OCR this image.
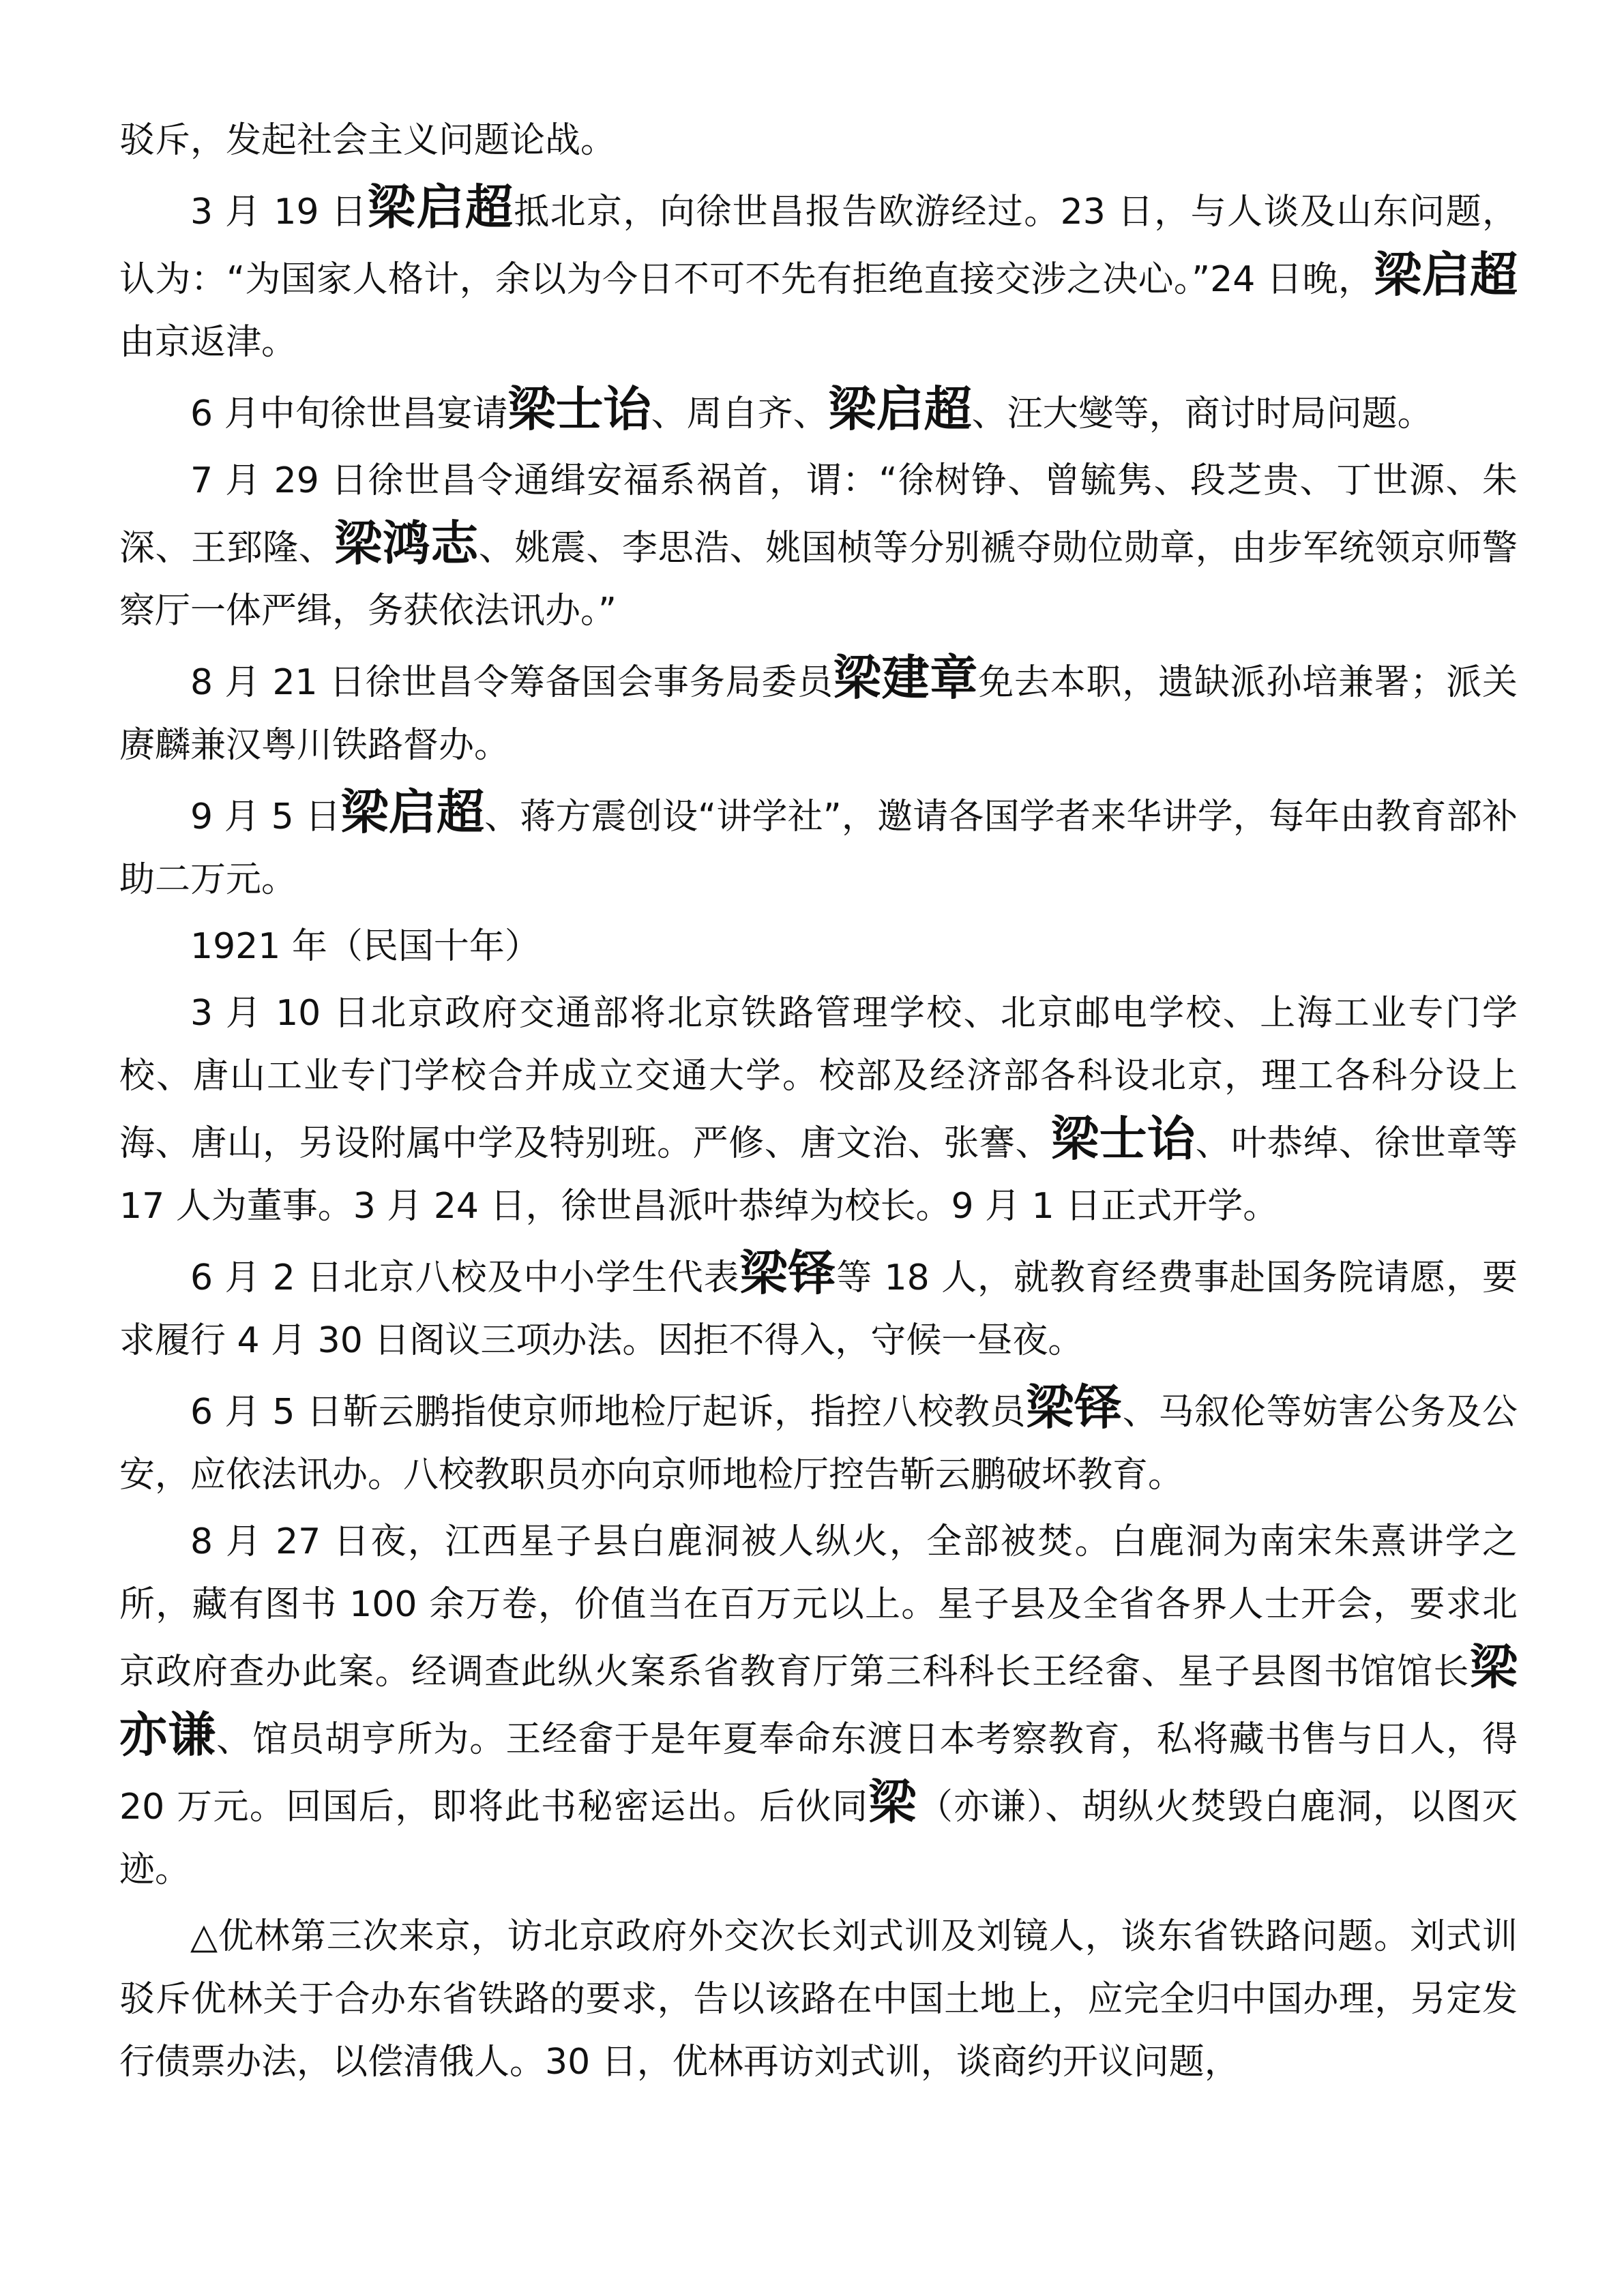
驳斥，发起社会主义问题论战。

3 月 19 日梁启超抵北京，向徐世昌报告欧游经过。23 日，与人谈及山东问题，认为：“为国家人格计，余以为今日不可不先有拒绝直接交涉之决心。”24 日晚，梁启超由京返津。

6 月中旬徐世昌宴请梁士诒、周自齐、梁启超、汪大燮等，商讨时局问题。

7 月 29 日徐世昌令通缉安福系祸首，谓：“徐树铮、曾毓隽、段芝贵、丁世源、朱深、王郅隆、梁鸿志、姚震、李思浩、姚国桢等分别褫夺勋位勋章，由步军统领京师警察厅一体严缉，务获依法讯办。”

8 月 21 日徐世昌令筹备国会事务局委员梁建章免去本职，遗缺派孙培兼署；派关赓麟兼汉粤川铁路督办。

9 月 5 日梁启超、蒋方震创设“讲学社”，邀请各国学者来华讲学，每年由教育部补助二万元。

1921 年（民国十年）

3 月 10 日北京政府交通部将北京铁路管理学校、北京邮电学校、上海工业专门学校、唐山工业专门学校合并成立交通大学。校部及经济部各科设北京，理工各科分设上海、唐山，另设附属中学及特别班。严修、唐文治、张謇、梁士诒、叶恭绰、徐世章等 17 人为董事。3 月 24 日，徐世昌派叶恭绰为校长。9 月 1 日正式开学。

6 月 2 日北京八校及中小学生代表梁铎等 18 人，就教育经费事赴国务院请愿，要求履行 4 月 30 日阁议三项办法。因拒不得入，守候一昼夜。

6 月 5 日靳云鹏指使京师地检厅起诉，指控八校教员梁铎、马叙伦等妨害公务及公安，应依法讯办。八校教职员亦向京师地检厅控告靳云鹏破坏教育。

8 月 27 日夜，江西星子县白鹿洞被人纵火，全部被焚。白鹿洞为南宋朱熹讲学之所，藏有图书 100 余万卷，价值当在百万元以上。星子县及全省各界人士开会，要求北京政府查办此案。经调查此纵火案系省教育厅第三科科长王经畲、星子县图书馆馆长梁亦谦、馆员胡亨所为。王经畲于是年夏奉命东渡日本考察教育，私将藏书售与日人，得 20 万元。回国后，即将此书秘密运出。后伙同梁（亦谦）、胡纵火焚毁白鹿洞，以图灭迹。

△优林第三次来京，访北京政府外交次长刘式训及刘镜人，谈东省铁路问题。刘式训驳斥优林关于合办东省铁路的要求，告以该路在中国土地上，应完全归中国办理，另定发行债票办法，以偿清俄人。30 日，优林再访刘式训，谈商约开议问题，
